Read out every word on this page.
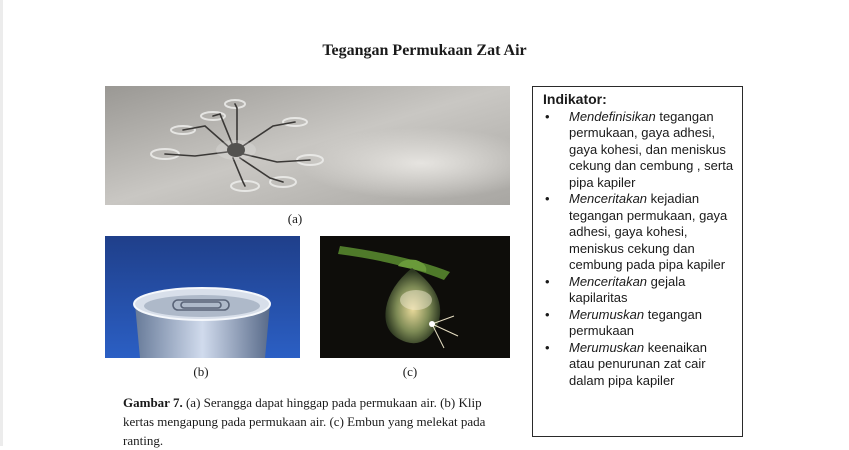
Tegangan Permukaan Zat Air
(a)
(b)	(c)
Gambar 7. (a) Serangga dapat hinggap pada permukaan air. (b) Klip kertas mengapung pada permukaan air. (c) Embun yang melekat pada ranting.
Indikator:
• Mendefinisikan tegangan permukaan, gaya adhesi, gaya kohesi, dan meniskus cekung dan cembung , serta pipa kapiler
• Menceritakan kejadian tegangan permukaan, gaya adhesi, gaya kohesi, meniskus cekung dan cembung pada pipa kapiler
• Menceritakan gejala kapilaritas
• Merumuskan tegangan permukaan
• Merumuskan keenaikan atau penurunan zat cair dalam pipa kapiler
